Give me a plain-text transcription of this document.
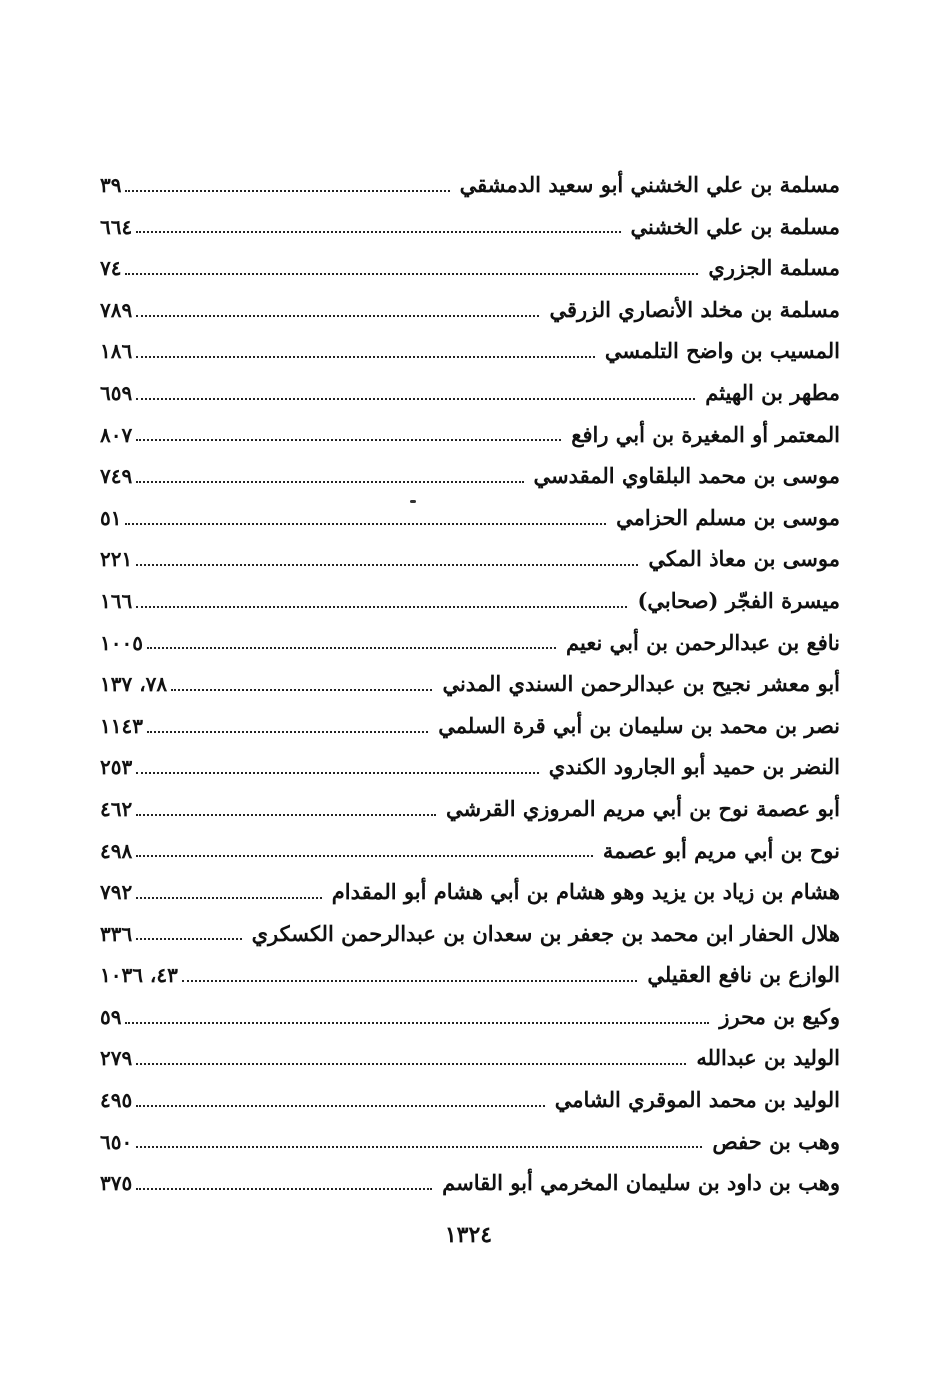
مسلمة بن علي الخشني أبو سعيد الدمشقي
٣٩
مسلمة بن علي الخشني
٦٦٤
مسلمة الجزري
٧٤
مسلمة بن مخلد الأنصاري الزرقي
٧٨٩
المسيب بن واضح التلمسي
١٨٦
مطهر بن الهيثم
٦٥٩
المعتمر أو المغيرة بن أبي رافع
٨٠٧
موسى بن محمد البلقاوي المقدسي
٧٤٩
موسى بن مسلم الحزامي
٥١
موسى بن معاذ المكي
٢٢١
ميسرة الفجّر (صحابي)
١٦٦
نافع بن عبدالرحمن بن أبي نعيم
١٠٠٥
أبو معشر نجيح بن عبدالرحمن السندي المدني
٧٨، ١٣٧
نصر بن محمد بن سليمان بن أبي قرة السلمي
١١٤٣
النضر بن حميد أبو الجارود الكندي
٢٥٣
أبو عصمة نوح بن أبي مريم المروزي القرشي
٤٦٢
نوح بن أبي مريم أبو عصمة
٤٩٨
هشام بن زياد بن يزيد وهو هشام بن أبي هشام أبو المقدام
٧٩٢
هلال الحفار ابن محمد بن جعفر بن سعدان بن عبدالرحمن الكسكري
٣٣٦
الوازع بن نافع العقيلي
٤٣، ١٠٣٦
وكيع بن محرز
٥٩
الوليد بن عبدالله
٢٧٩
الوليد بن محمد الموقري الشامي
٤٩٥
وهب بن حفص
٦٥٠
وهب بن داود بن سليمان المخرمي أبو القاسم
٣٧٥
١٣٢٤
